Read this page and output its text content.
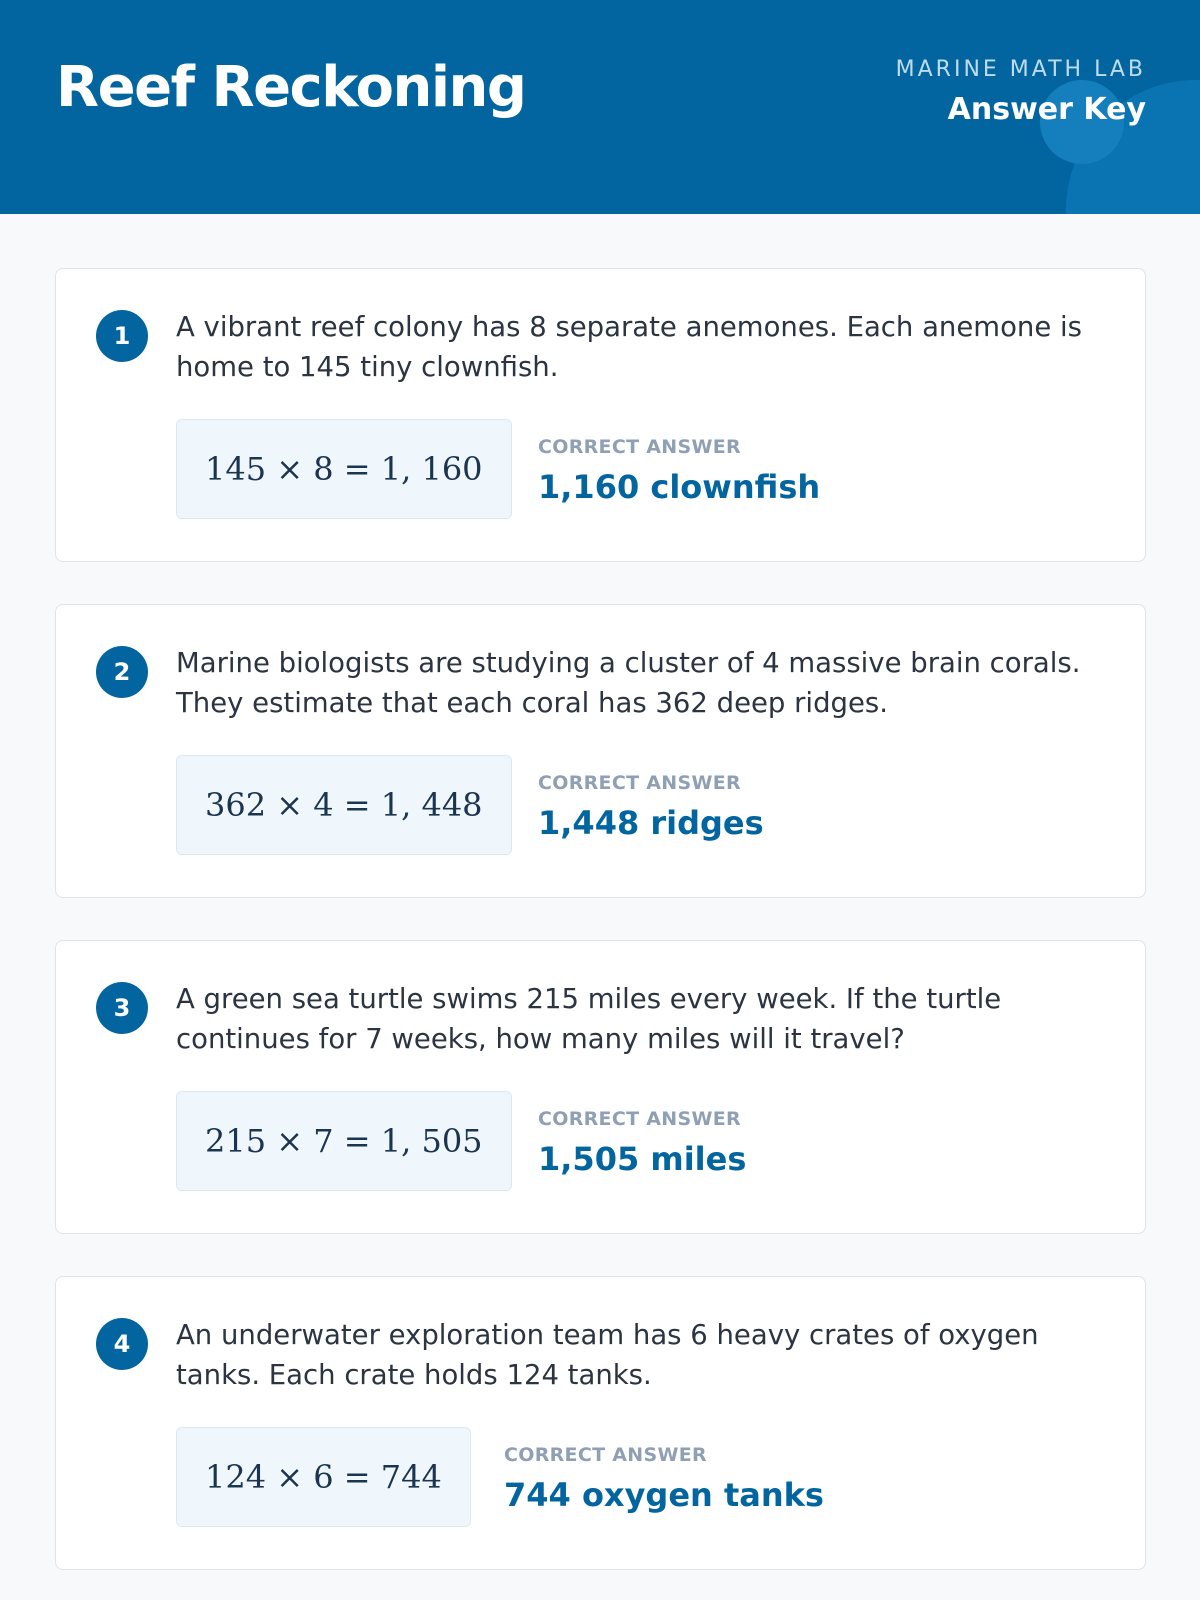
Reef Reckoning	MARINE MATH LAB
Answer Key
1	A vibrant reef colony has 8 separate anemones. Each anemone is home to 145 tiny clownfish.

145 × 8 = 1, 160
CORRECT ANSWER
1,160 clownfish
2	Marine biologists are studying a cluster of 4 massive brain corals. They estimate that each coral has 362 deep ridges.

362 × 4 = 1, 448
CORRECT ANSWER
1,448 ridges
3	A green sea turtle swims 215 miles every week. If the turtle continues for 7 weeks, how many miles will it travel?

215 × 7 = 1, 505
CORRECT ANSWER
1,505 miles
4	An underwater exploration team has 6 heavy crates of oxygen tanks. Each crate holds 124 tanks.

124 × 6 = 744
CORRECT ANSWER
744 oxygen tanks
